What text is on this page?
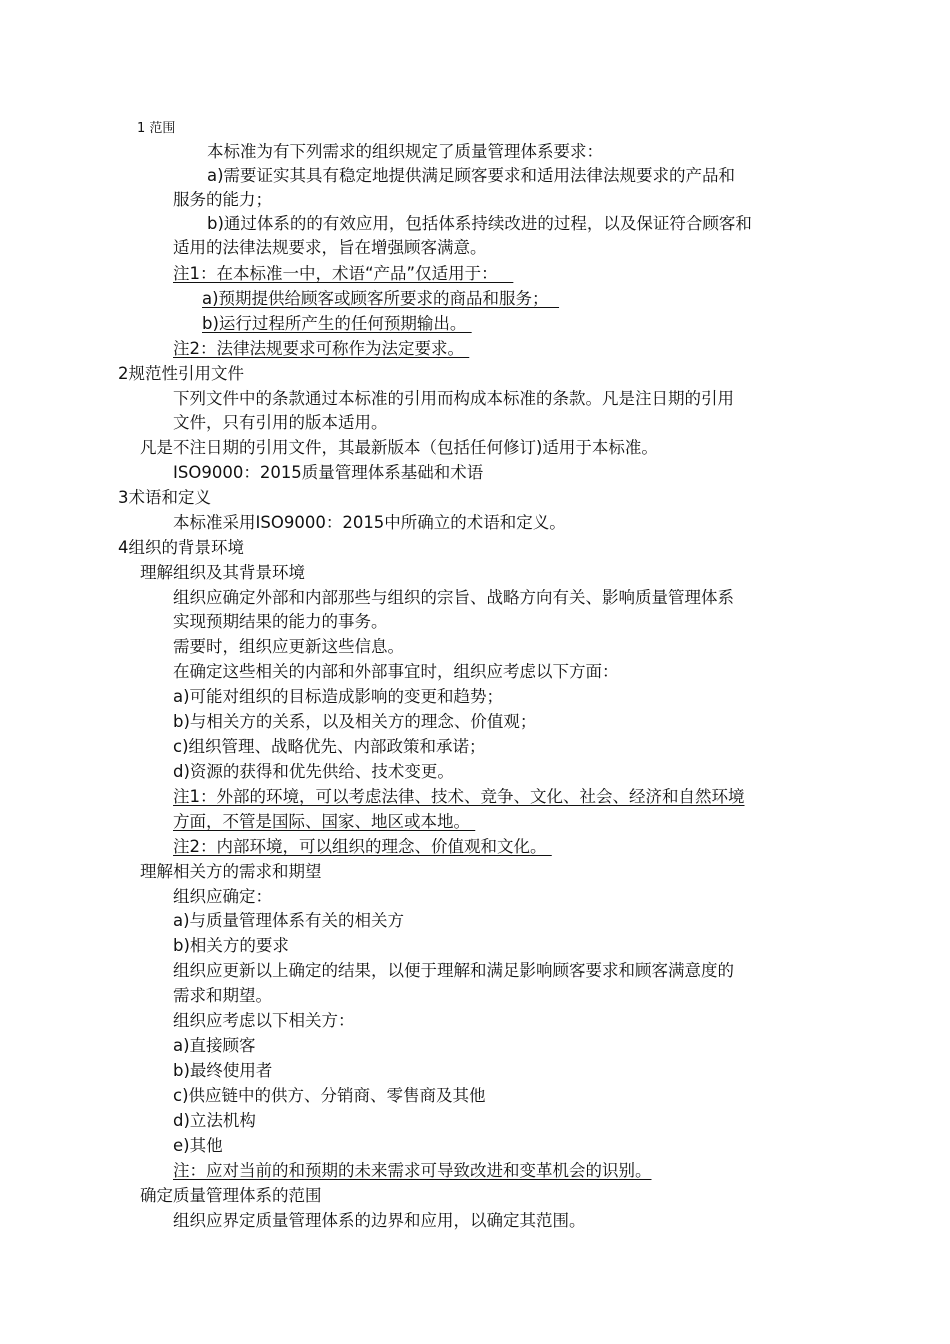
1 范围
本标准为有下列需求的组织规定了质量管理体系要求：
a)需要证实其具有稳定地提供满足顾客要求和适用法律法规要求的产品和
服务的能力；
b)通过体系的的有效应用，包括体系持续改进的过程，以及保证符合顾客和
适用的法律法规要求，旨在增强顾客满意。
注1：在本标准一中，术语“产品”仅适用于：
a)预期提供给顾客或顾客所要求的商品和服务；
b)运行过程所产生的任何预期输出。
注2：法律法规要求可称作为法定要求。
2规范性引用文件
下列文件中的条款通过本标准的引用而构成本标准的条款。凡是注日期的引用
文件，只有引用的版本适用。
凡是不注日期的引用文件，其最新版本（包括任何修订)适用于本标准。
ISO9000：2015质量管理体系基础和术语
3术语和定义
本标准采用ISO9000：2015中所确立的术语和定义。
4组织的背景环境
理解组织及其背景环境
组织应确定外部和内部那些与组织的宗旨、战略方向有关、影响质量管理体系
实现预期结果的能力的事务。
需要时，组织应更新这些信息。
在确定这些相关的内部和外部事宜时，组织应考虑以下方面：
a)可能对组织的目标造成影响的变更和趋势；
b)与相关方的关系，以及相关方的理念、价值观；
c)组织管理、战略优先、内部政策和承诺；
d)资源的获得和优先供给、技术变更。
注1：外部的环境，可以考虑法律、技术、竞争、文化、社会、经济和自然环境
方面，不管是国际、国家、地区或本地。
注2：内部环境，可以组织的理念、价值观和文化。
理解相关方的需求和期望
组织应确定：
a)与质量管理体系有关的相关方
b)相关方的要求
组织应更新以上确定的结果，以便于理解和满足影响顾客要求和顾客满意度的
需求和期望。
组织应考虑以下相关方：
a)直接顾客
b)最终使用者
c)供应链中的供方、分销商、零售商及其他
d)立法机构
e)其他
注：应对当前的和预期的未来需求可导致改进和变革机会的识别。
确定质量管理体系的范围
组织应界定质量管理体系的边界和应用，以确定其范围。
